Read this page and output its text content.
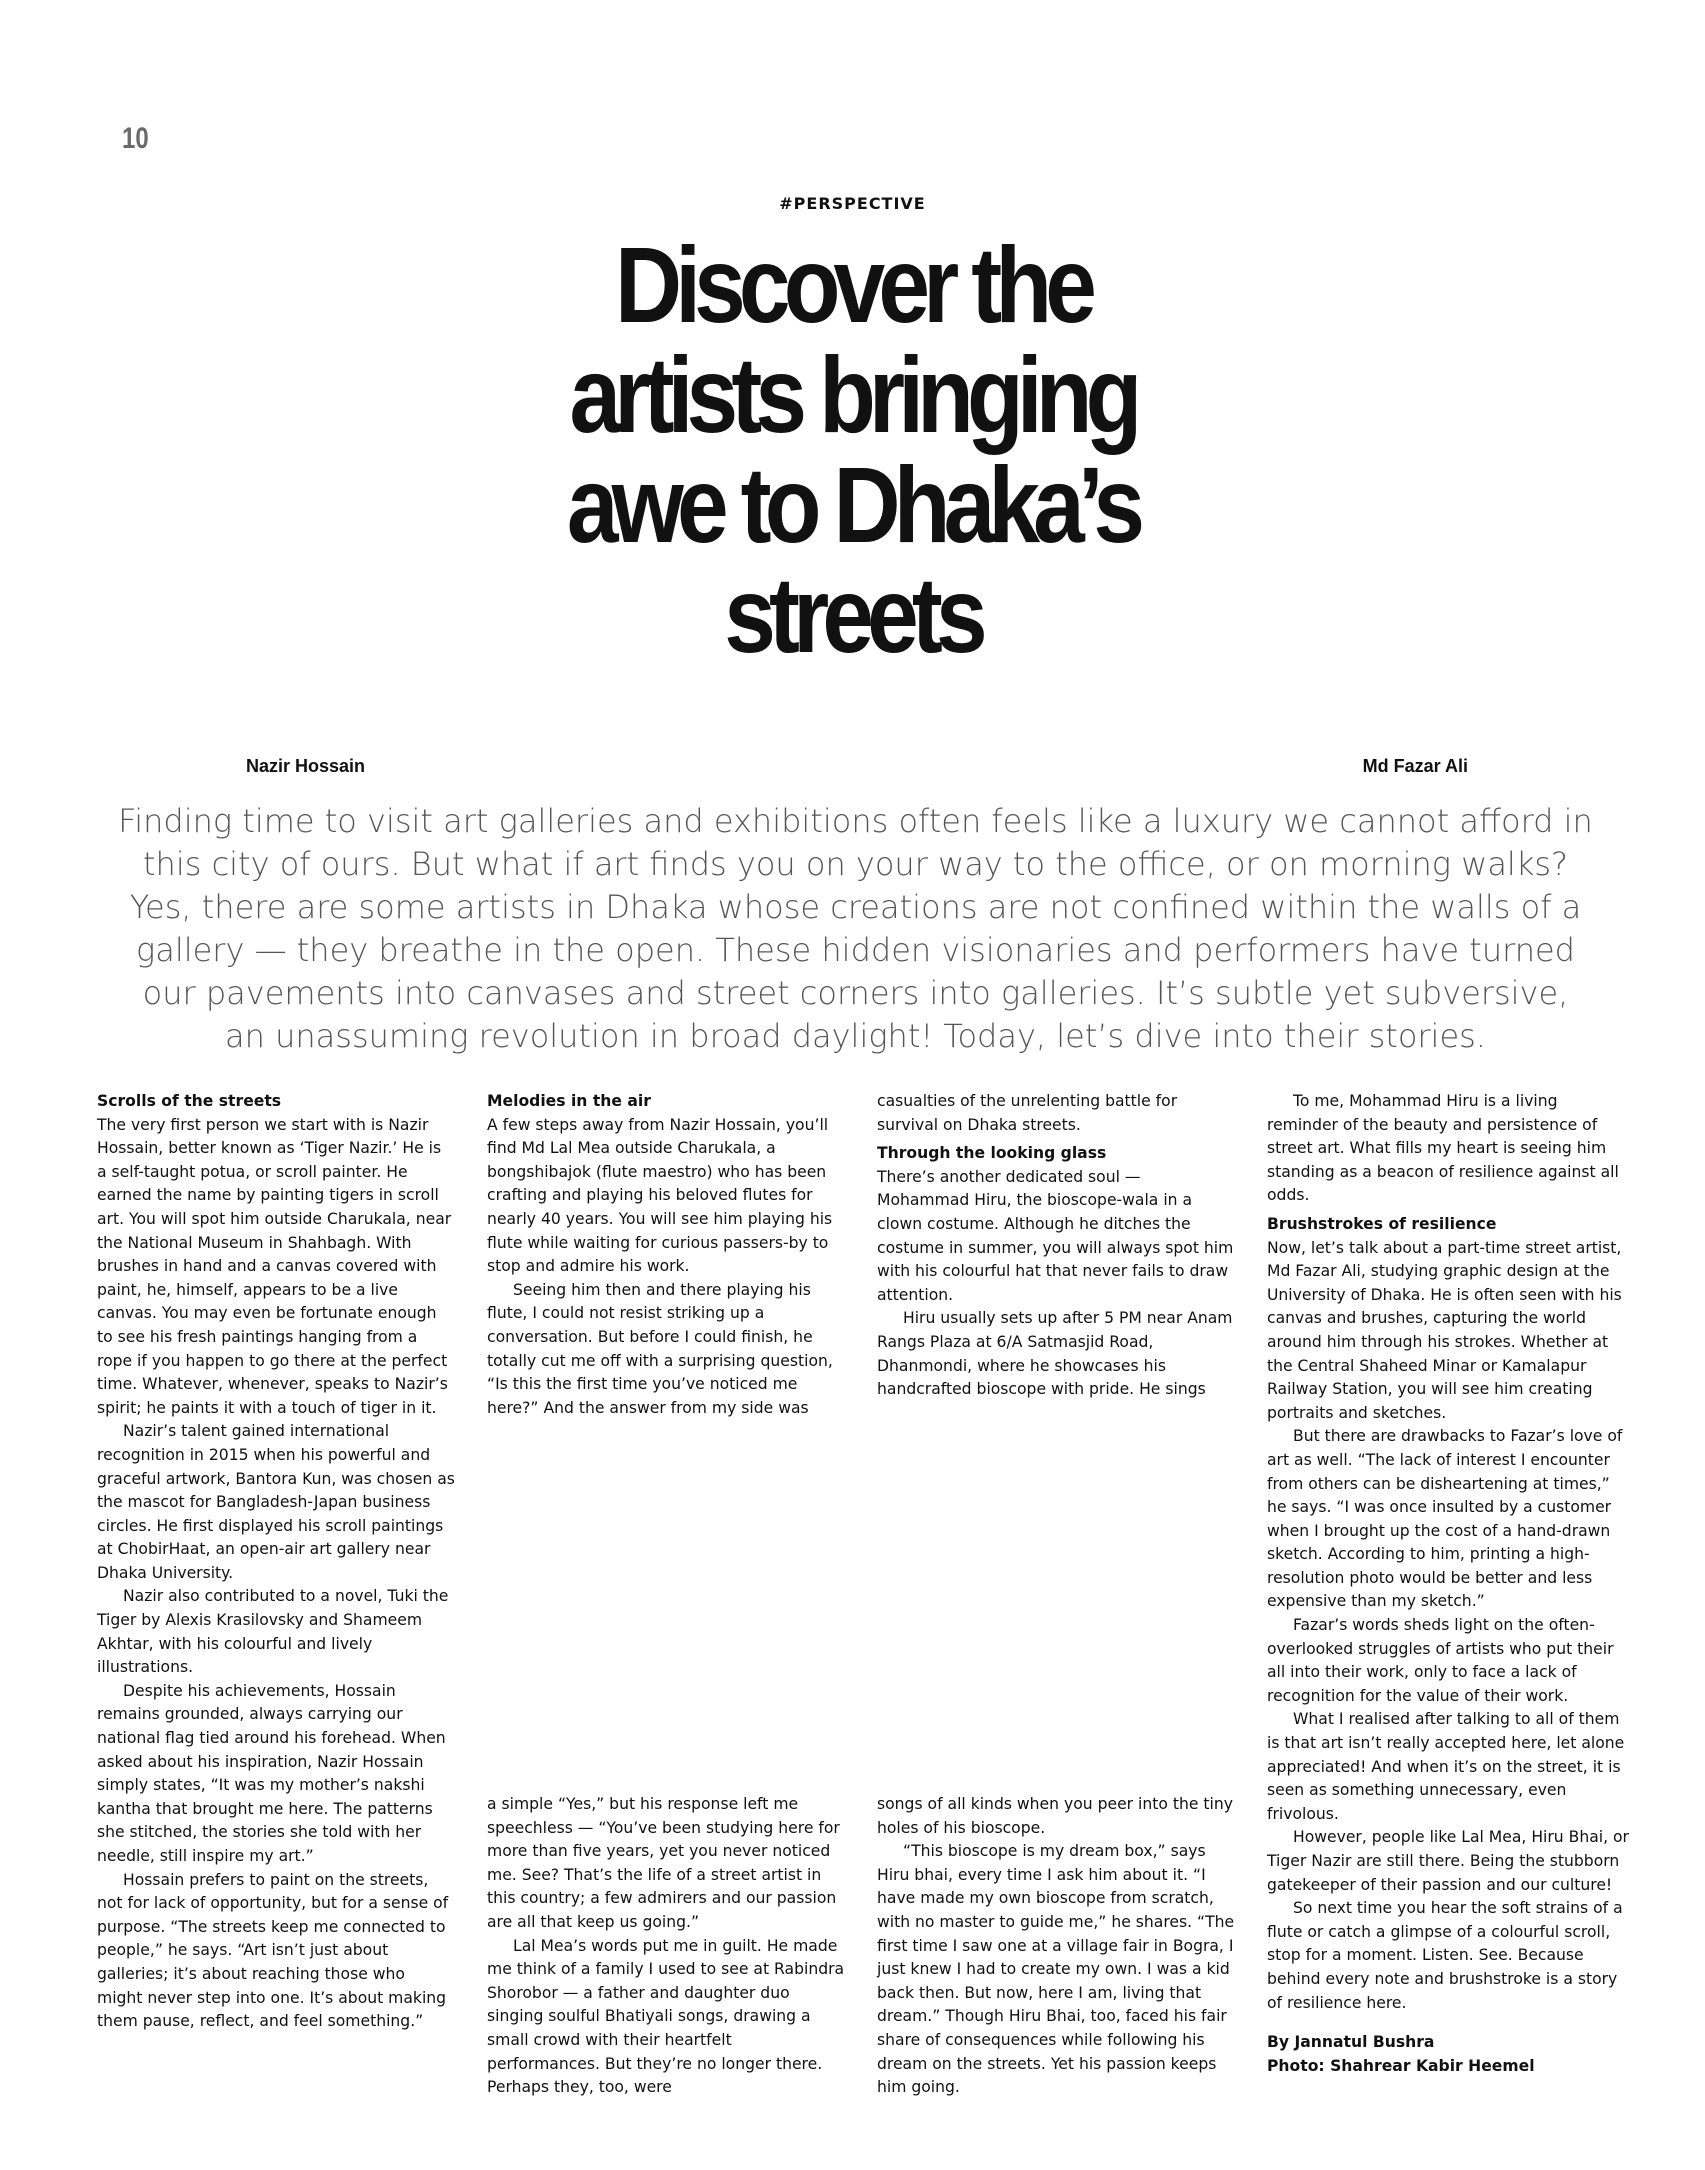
10
#PERSPECTIVE
Discover the
artists bringing
awe to Dhaka’s
streets
Nazir Hossain	Md Fazar Ali
Finding time to visit art galleries and exhibitions often feels like a luxury we cannot afford in this city of ours. But what if art finds you on your way to the office, or on morning walks? Yes, there are some artists in Dhaka whose creations are not confined within the walls of a gallery — they breathe in the open. These hidden visionaries and performers have turned our pavements into canvases and street corners into galleries. It’s subtle yet subversive, an unassuming revolution in broad daylight! Today, let’s dive into their stories.
Scrolls of the streets

The very first person we start with is Nazir Hossain, better known as ‘Tiger Nazir.’ He is a self-taught potua, or scroll painter. He earned the name by painting tigers in scroll art. You will spot him outside Charukala, near the National Museum in Shahbagh. With brushes in hand and a canvas covered with paint, he, himself, appears to be a live canvas. You may even be fortunate enough to see his fresh paintings hanging from a rope if you happen to go there at the perfect time. Whatever, whenever, speaks to Nazir’s spirit; he paints it with a touch of tiger in it.

Nazir’s talent gained international recognition in 2015 when his powerful and graceful artwork, Bantora Kun, was chosen as the mascot for Bangladesh-Japan business circles. He first displayed his scroll paintings at ChobirHaat, an open-air art gallery near Dhaka University.

Nazir also contributed to a novel, Tuki the Tiger by Alexis Krasilovsky and Shameem Akhtar, with his colourful and lively illustrations.

Despite his achievements, Hossain remains grounded, always carrying our national flag tied around his forehead. When asked about his inspiration, Nazir Hossain simply states, “It was my mother’s nakshi kantha that brought me here. The patterns she stitched, the stories she told with her needle, still inspire my art.”

Hossain prefers to paint on the streets, not for lack of opportunity, but for a sense of purpose. “The streets keep me connected to people,” he says. “Art isn’t just about galleries; it’s about reaching those who might never step into one. It’s about making them pause, reflect, and feel something.”

Melodies in the air

A few steps away from Nazir Hossain, you’ll find Md Lal Mea outside Charukala, a bongshibajok (flute maestro) who has been crafting and playing his beloved flutes for nearly 40 years. You will see him playing his flute while waiting for curious passers-by to stop and admire his work.

Seeing him then and there playing his flute, I could not resist striking up a conversation. But before I could finish, he totally cut me off with a surprising question, “Is this the first time you’ve noticed me here?” And the answer from my side was

a simple “Yes,” but his response left me speechless — “You’ve been studying here for more than five years, yet you never noticed me. See? That’s the life of a street artist in this country; a few admirers and our passion are all that keep us going.”

Lal Mea’s words put me in guilt. He made me think of a family I used to see at Rabindra Shorobor — a father and daughter duo singing soulful Bhatiyali songs, drawing a small crowd with their heartfelt performances. But they’re no longer there. Perhaps they, too, were

casualties of the unrelenting battle for survival on Dhaka streets.

Through the looking glass

There’s another dedicated soul — Mohammad Hiru, the bioscope-wala in a clown costume. Although he ditches the costume in summer, you will always spot him with his colourful hat that never fails to draw attention.

Hiru usually sets up after 5 PM near Anam Rangs Plaza at 6/A Satmasjid Road, Dhanmondi, where he showcases his handcrafted bioscope with pride. He sings

songs of all kinds when you peer into the tiny holes of his bioscope.

“This bioscope is my dream box,” says Hiru bhai, every time I ask him about it. “I have made my own bioscope from scratch, with no master to guide me,” he shares. “The first time I saw one at a village fair in Bogra, I just knew I had to create my own. I was a kid back then. But now, here I am, living that dream.” Though Hiru Bhai, too, faced his fair share of consequences while following his dream on the streets. Yet his passion keeps him going.

To me, Mohammad Hiru is a living reminder of the beauty and persistence of street art. What fills my heart is seeing him standing as a beacon of resilience against all odds.

Brushstrokes of resilience

Now, let’s talk about a part-time street artist, Md Fazar Ali, studying graphic design at the University of Dhaka. He is often seen with his canvas and brushes, capturing the world around him through his strokes. Whether at the Central Shaheed Minar or Kamalapur Railway Station, you will see him creating portraits and sketches.

But there are drawbacks to Fazar’s love of art as well. “The lack of interest I encounter from others can be disheartening at times,” he says. “I was once insulted by a customer when I brought up the cost of a hand-drawn sketch. According to him, printing a high-resolution photo would be better and less expensive than my sketch.”

Fazar’s words sheds light on the often-overlooked struggles of artists who put their all into their work, only to face a lack of recognition for the value of their work.

What I realised after talking to all of them is that art isn’t really accepted here, let alone appreciated! And when it’s on the street, it is seen as something unnecessary, even frivolous.

However, people like Lal Mea, Hiru Bhai, or Tiger Nazir are still there. Being the stubborn gatekeeper of their passion and our culture!

So next time you hear the soft strains of a flute or catch a glimpse of a colourful scroll, stop for a moment. Listen. See. Because behind every note and brushstroke is a story of resilience here.

By Jannatul Bushra
Photo: Shahrear Kabir Heemel
